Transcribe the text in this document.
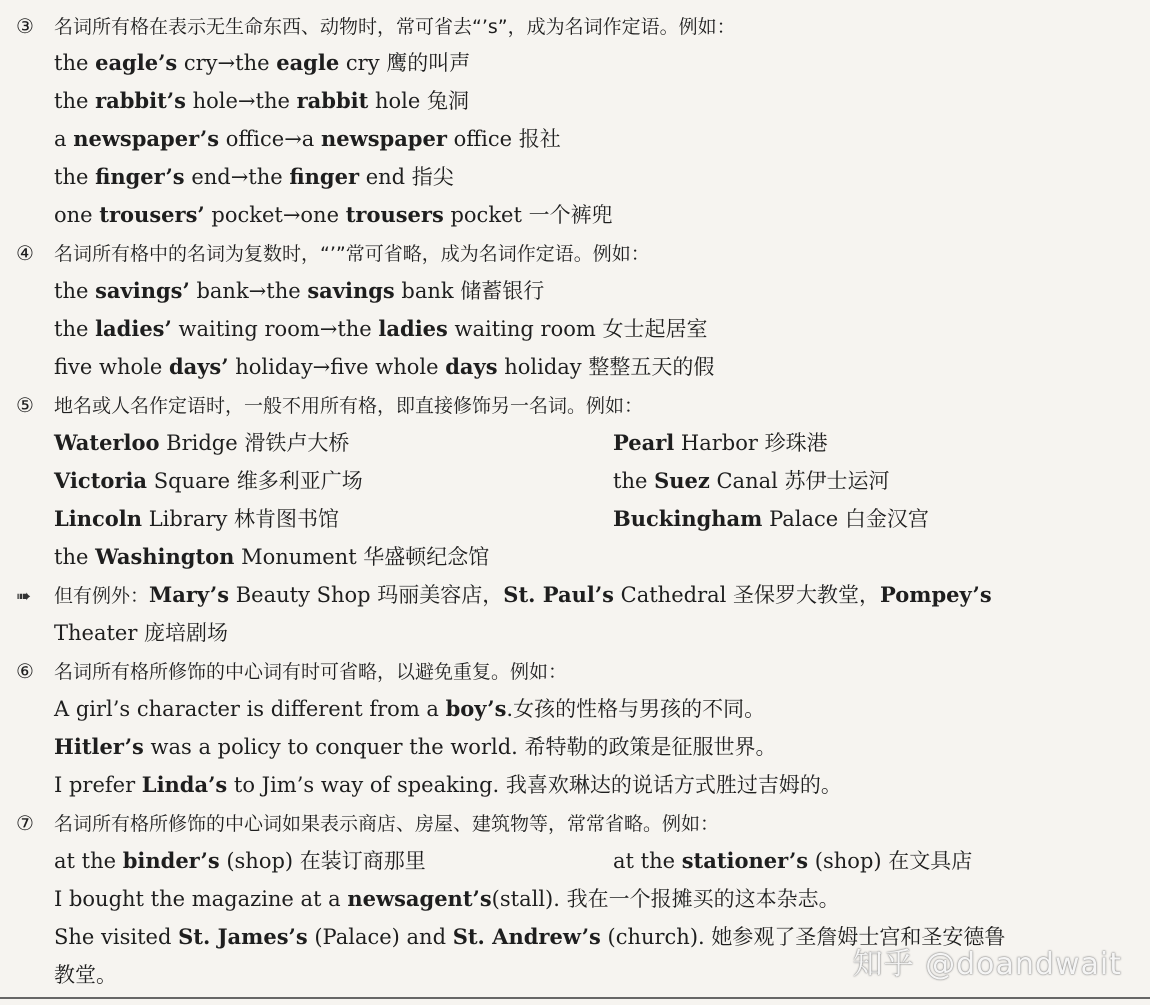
③ 名词所有格在表示无生命东西、动物时，常可省去“’s”，成为名词作定语。例如：
the eagle’s cry→the eagle cry 鹰的叫声
the rabbit’s hole→the rabbit hole 兔洞
a newspaper’s office→a newspaper office 报社
the finger’s end→the finger end 指尖
one trousers’ pocket→one trousers pocket 一个裤兜
④ 名词所有格中的名词为复数时，“’”常可省略，成为名词作定语。例如：
the savings’ bank→the savings bank 储蓄银行
the ladies’ waiting room→the ladies waiting room 女士起居室
five whole days’ holiday→five whole days holiday 整整五天的假
⑤ 地名或人名作定语时，一般不用所有格，即直接修饰另一名词。例如：
Waterloo Bridge 滑铁卢大桥	Pearl Harbor 珍珠港
Victoria Square 维多利亚广场	the Suez Canal 苏伊士运河
Lincoln Library 林肯图书馆	Buckingham Palace 白金汉宫
the Washington Monument 华盛顿纪念馆
➠ 但有例外：Mary’s Beauty Shop 玛丽美容店，St. Paul’s Cathedral 圣保罗大教堂，Pompey’s
Theater 庞培剧场
⑥ 名词所有格所修饰的中心词有时可省略，以避免重复。例如：
A girl’s character is different from a boy’s.女孩的性格与男孩的不同。
Hitler’s was a policy to conquer the world. 希特勒的政策是征服世界。
I prefer Linda’s to Jim’s way of speaking. 我喜欢琳达的说话方式胜过吉姆的。
⑦ 名词所有格所修饰的中心词如果表示商店、房屋、建筑物等，常常省略。例如：
at the binder’s (shop) 在装订商那里	at the stationer’s (shop) 在文具店
I bought the magazine at a newsagent’s(stall). 我在一个报摊买的这本杂志。
She visited St. James’s (Palace) and St. Andrew’s (church). 她参观了圣詹姆士宫和圣安德鲁
教堂。	知乎 @doandwait
